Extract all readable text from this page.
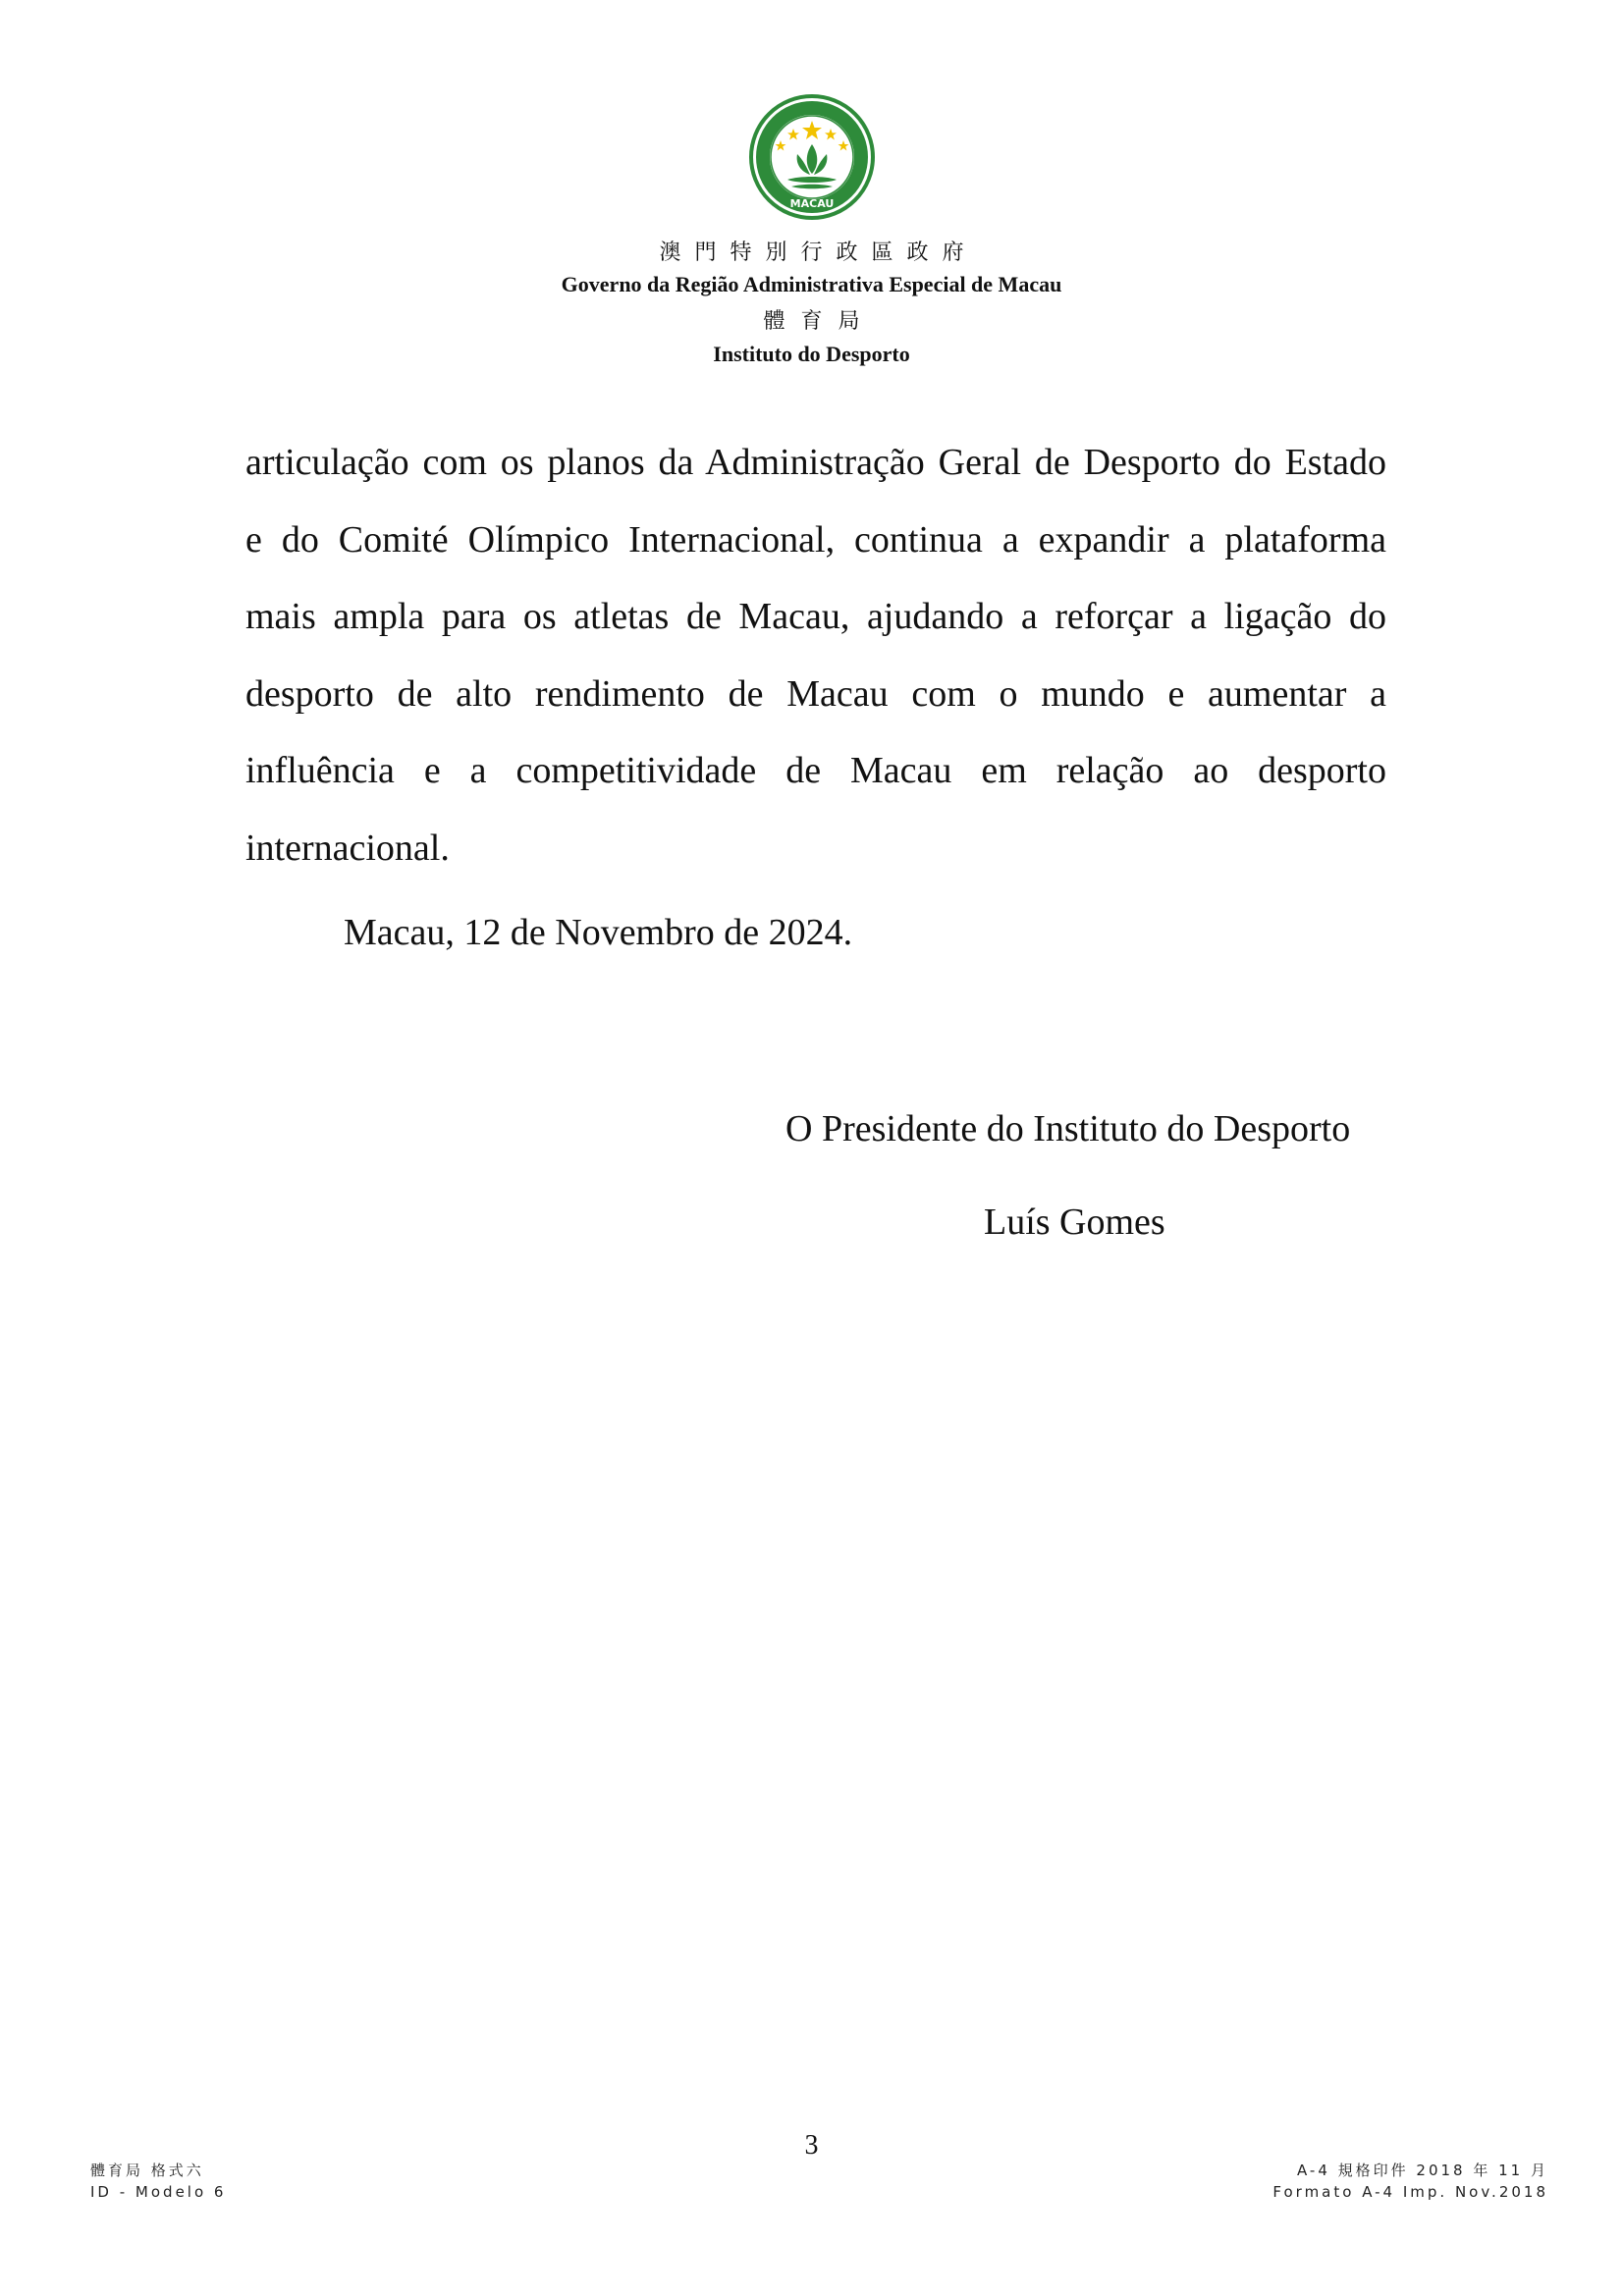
MACAU
澳門特別行政區政府
Governo da Região Administrativa Especial de Macau
體育局
Instituto do Desporto
articulação com os planos da Administração Geral de Desporto do Estado
e do Comité Olímpico Internacional, continua a expandir a plataforma
mais ampla para os atletas de Macau, ajudando a reforçar a ligação do
desporto de alto rendimento de Macau com o mundo e aumentar a
influência e a competitividade de Macau em relação ao desporto
internacional.
Macau, 12 de Novembro de 2024.
O Presidente do Instituto do Desporto
Luís Gomes
3
體育局 格式六
ID - Modelo 6
A-4 規格印件 2018 年 11 月
Formato A-4 Imp. Nov.2018
